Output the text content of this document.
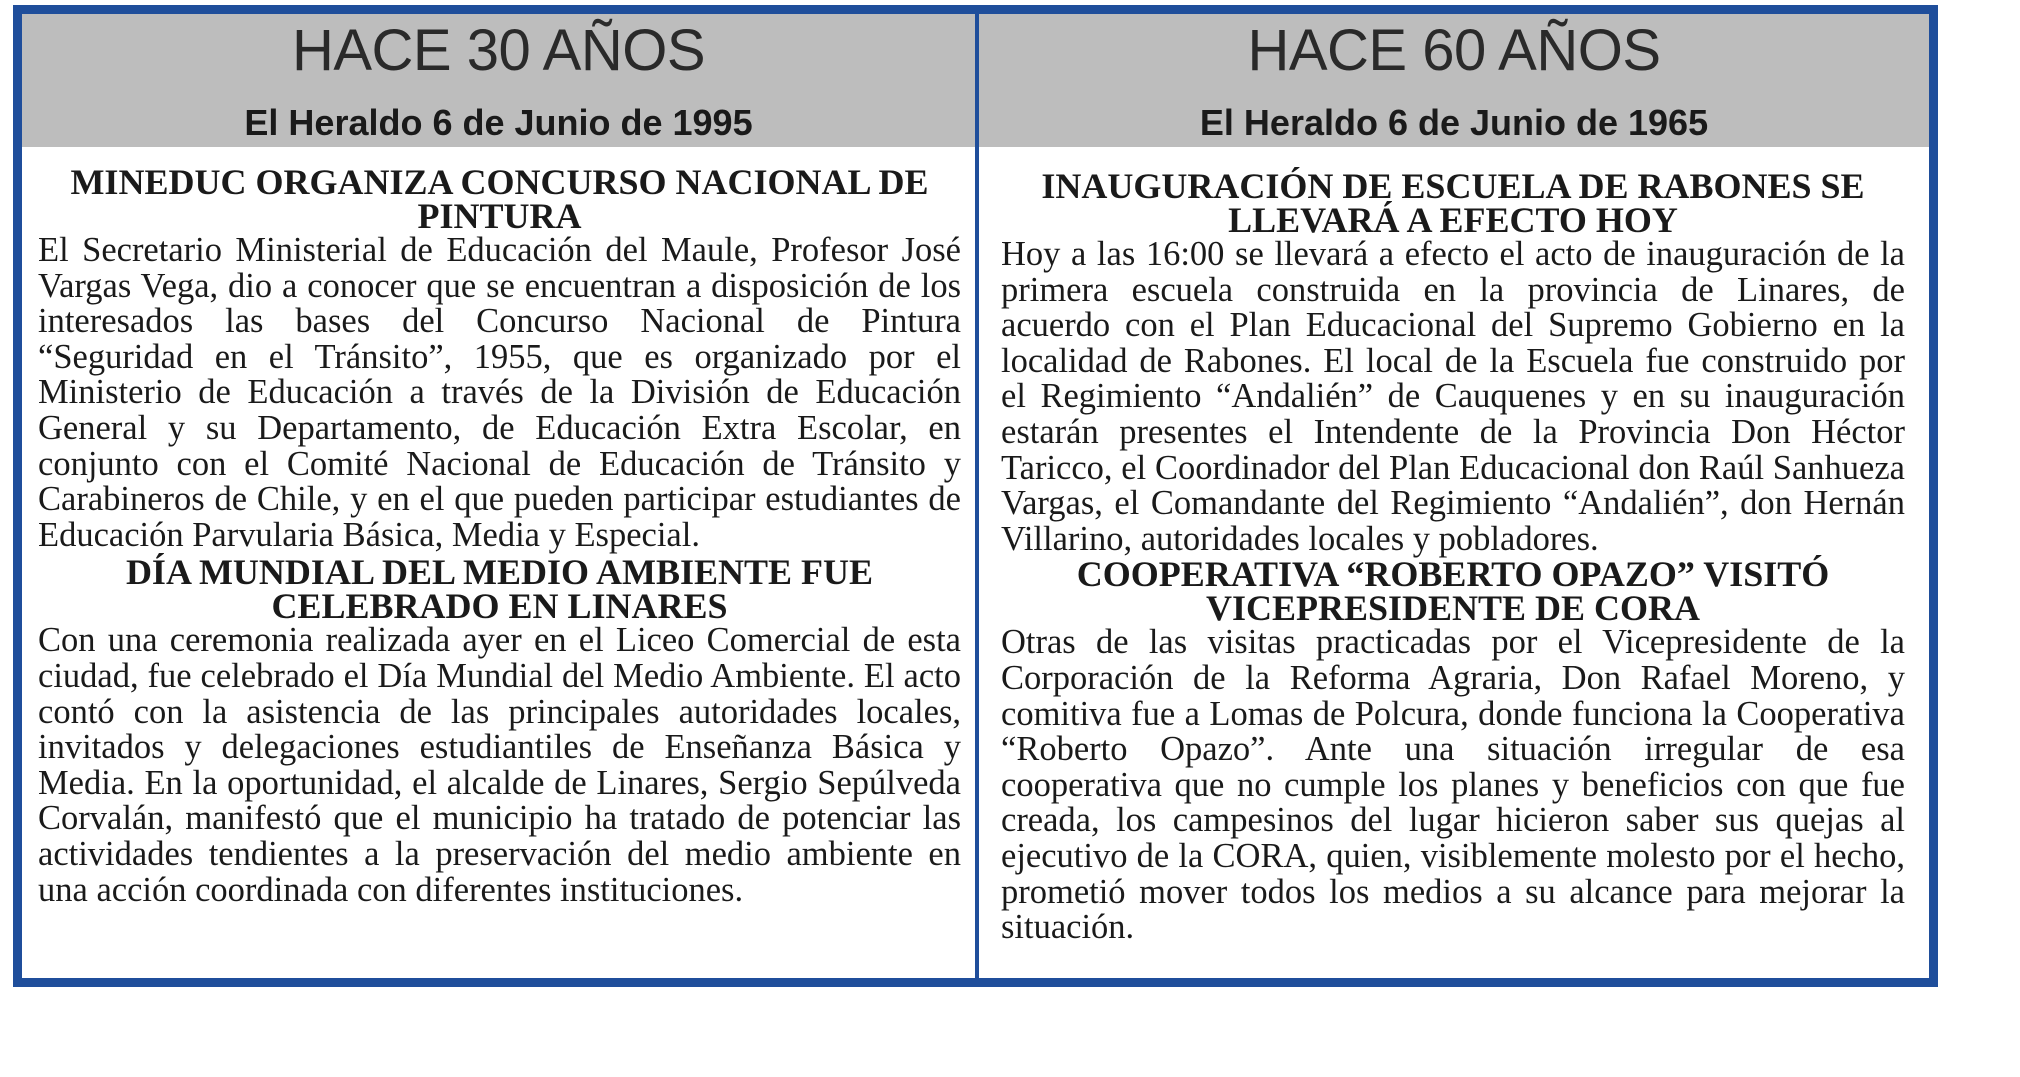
HACE 30 AÑOS
El Heraldo 6 de Junio de 1995
MINEDUC ORGANIZA CONCURSO NACIONAL DE PINTURA

El Secretario Ministerial de Educación del Maule, Profesor José Vargas Vega, dio a conocer que se encuentran a disposición de los interesados las bases del Concurso Nacional de Pintura “Seguridad en el Tránsito”, 1955, que es organizado por el Ministerio de Educación a través de la División de Educación General y su Departamento, de Educación Extra Escolar, en conjunto con el Comité Nacional de Educación de Tránsito y Carabineros de Chile, y en el que pueden participar estudiantes de Educación Parvularia Básica, Media y Especial.

DÍA MUNDIAL DEL MEDIO AMBIENTE FUE CELEBRADO EN LINARES

Con una ceremonia realizada ayer en el Liceo Comercial de esta ciudad, fue celebrado el Día Mundial del Medio Ambiente. El acto contó con la asistencia de las principales autoridades locales, invitados y delegaciones estudiantiles de Enseñanza Básica y Media. En la oportunidad, el alcalde de Linares, Sergio Sepúlveda Corvalán, manifestó que el municipio ha tratado de potenciar las actividades tendientes a la preservación del medio ambiente en una acción coordinada con diferentes instituciones.

HACE 60 AÑOS
El Heraldo 6 de Junio de 1965
INAUGURACIÓN DE ESCUELA DE RABONES SE LLEVARÁ A EFECTO HOY

Hoy a las 16:00 se llevará a efecto el acto de inauguración de la primera escuela construida en la provincia de Linares, de acuerdo con el Plan Educacional del Supremo Gobierno en la localidad de Rabones. El local de la Escuela fue construido por el Regimiento “Andalién” de Cauquenes y en su inauguración estarán presentes el Intendente de la Provincia Don Héctor Taricco, el Coordinador del Plan Educacional don Raúl Sanhueza Vargas, el Comandante del Regimiento “Andalién”, don Hernán Villarino, autoridades locales y pobladores.

COOPERATIVA “ROBERTO OPAZO” VISITÓ VICEPRESIDENTE DE CORA

Otras de las visitas practicadas por el Vicepresidente de la Corporación de la Reforma Agraria, Don Rafael Moreno, y comitiva fue a Lomas de Polcura, donde funciona la Cooperativa “Roberto Opazo”. Ante una situación irregular de esa cooperativa que no cumple los planes y beneficios con que fue creada, los campesinos del lugar hicieron saber sus quejas al ejecutivo de la CORA, quien, visiblemente molesto por el hecho, prometió mover todos los medios a su alcance para mejorar la situación.
